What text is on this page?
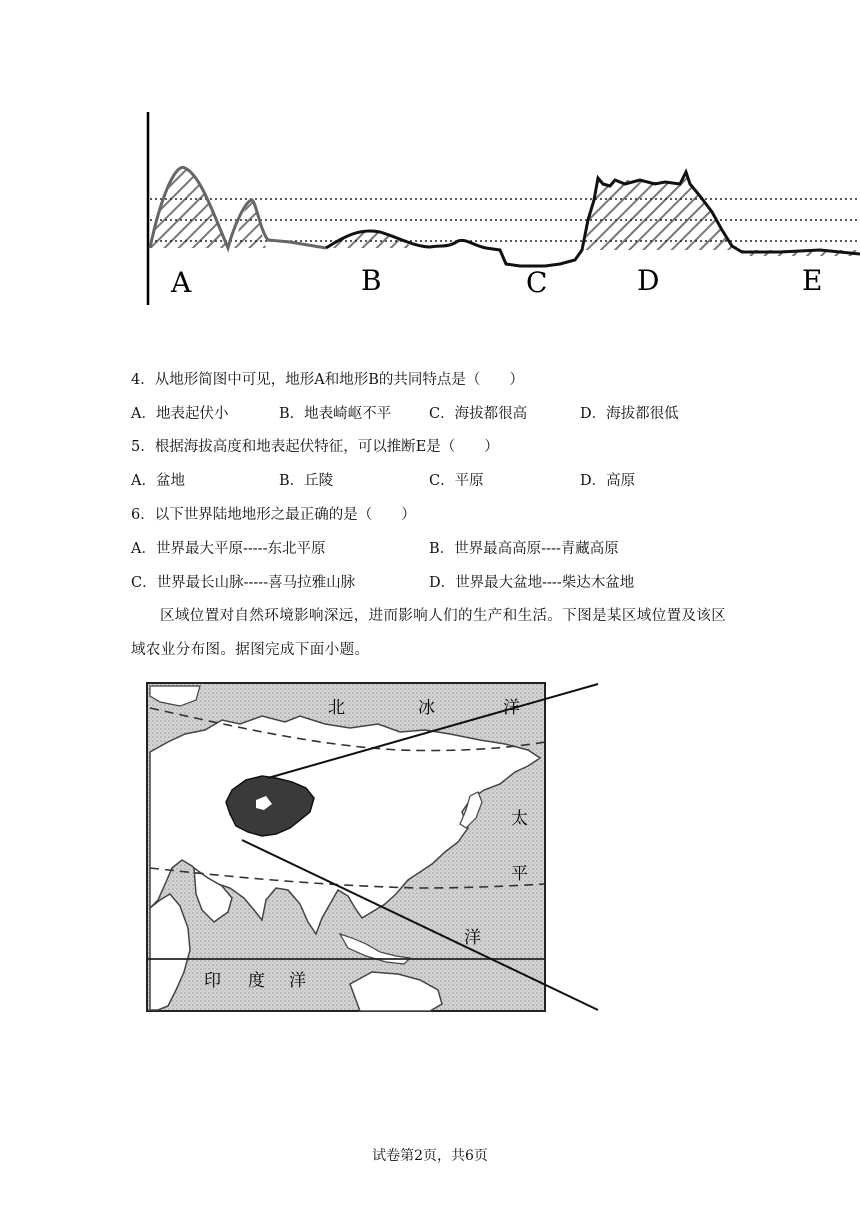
A	B	C	D	E
4．从地形简图中可见，地形A和地形B的共同特点是（　　）
A．地表起伏小	B．地表崎岖不平	C．海拔都很高	D．海拔都很低
5．根据海拔高度和地表起伏特征，可以推断E是（　　）
A．盆地	B．丘陵	C．平原	D．高原
6．以下世界陆地地形之最正确的是（　　）
A．世界最大平原-----东北平原	B．世界最高高原----青藏高原
C．世界最长山脉-----喜马拉雅山脉	D．世界最大盆地----柴达木盆地
区域位置对自然环境影响深远，进而影响人们的生产和生活。下图是某区域位置及该区
域农业分布图。据图完成下面小题。
北	冰	洋
太
平
洋
印 度 洋
试卷第2页，共6页
